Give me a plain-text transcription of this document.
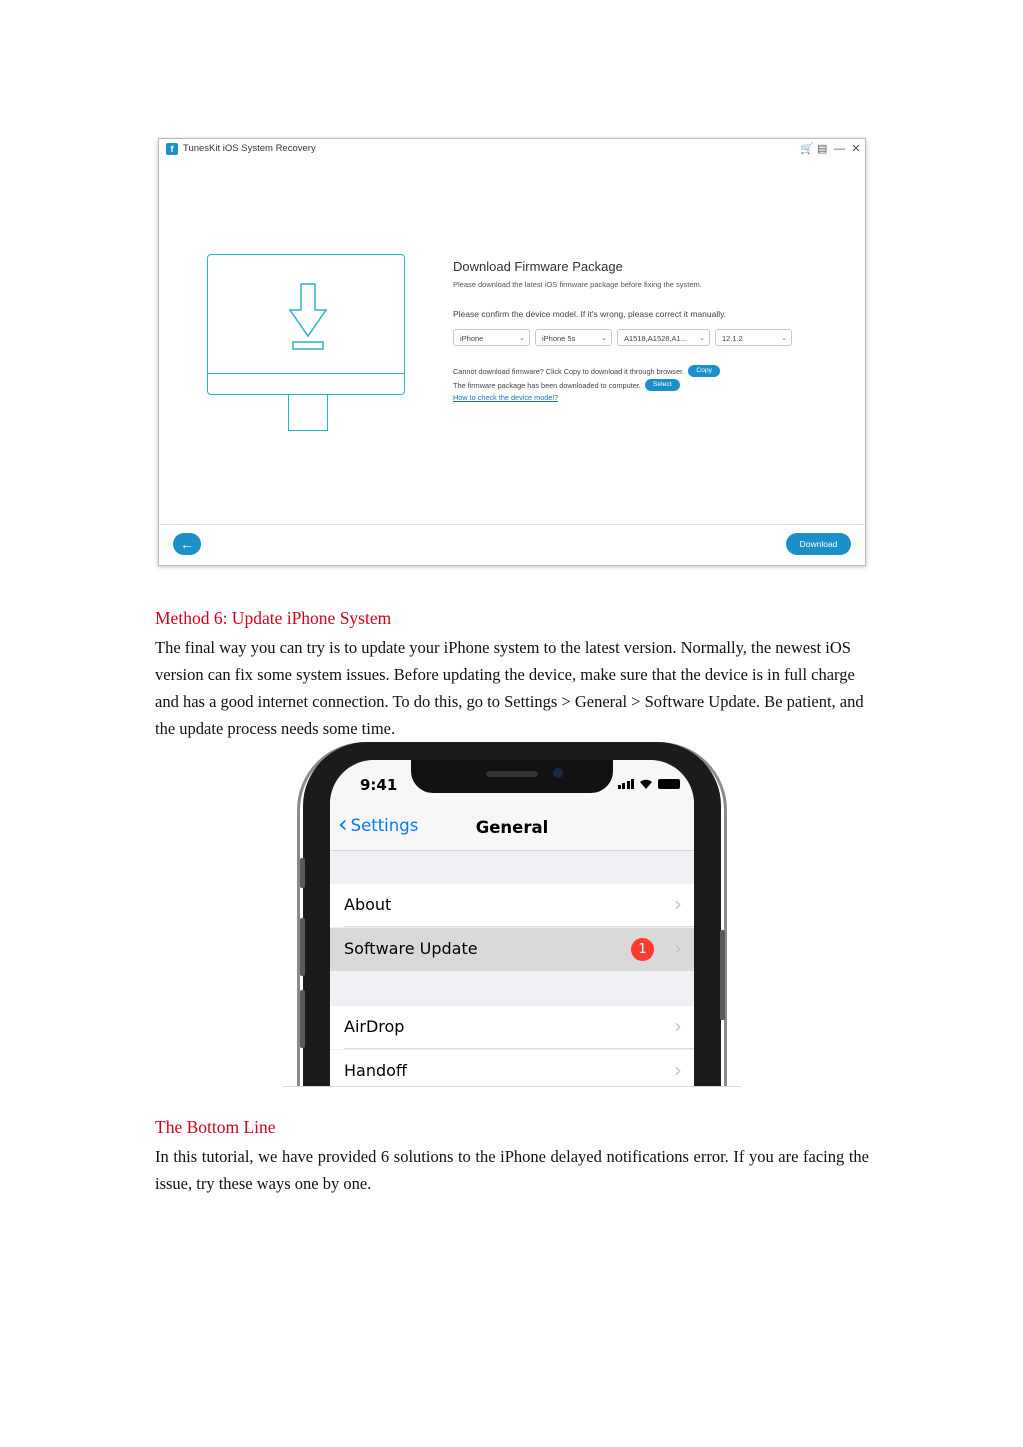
f	TunesKit iOS System Recovery	🛒 ▤ — ✕
Download Firmware Package
Please download the latest iOS firmware package before fixing the system.
Please confirm the device model. If it's wrong, please correct it manually.
iPhone	⌄	iPhone 5s	⌄	A1518,A1528,A1... ⌄	12.1.2	⌄
Cannot download firmware? Click Copy to download it through browser.	Copy
The firmware package has been downloaded to computer.	Select
How to check the device model?
←	Download
Method 6: Update iPhone System
The final way you can try is to update your iPhone system to the latest version. Normally, the newest iOS version can fix some system issues. Before updating the device, make sure that the device is in full charge and has a good internet connection. To do this, go to Settings > General > Software Update. Be patient, and the update process needs some time.
9:41
‹ Settings	General
About	›
Software Update	1	›
AirDrop	›
Handoff	›
The Bottom Line
In this tutorial, we have provided 6 solutions to the iPhone delayed notifications error. If you are facing the issue, try these ways one by one.
